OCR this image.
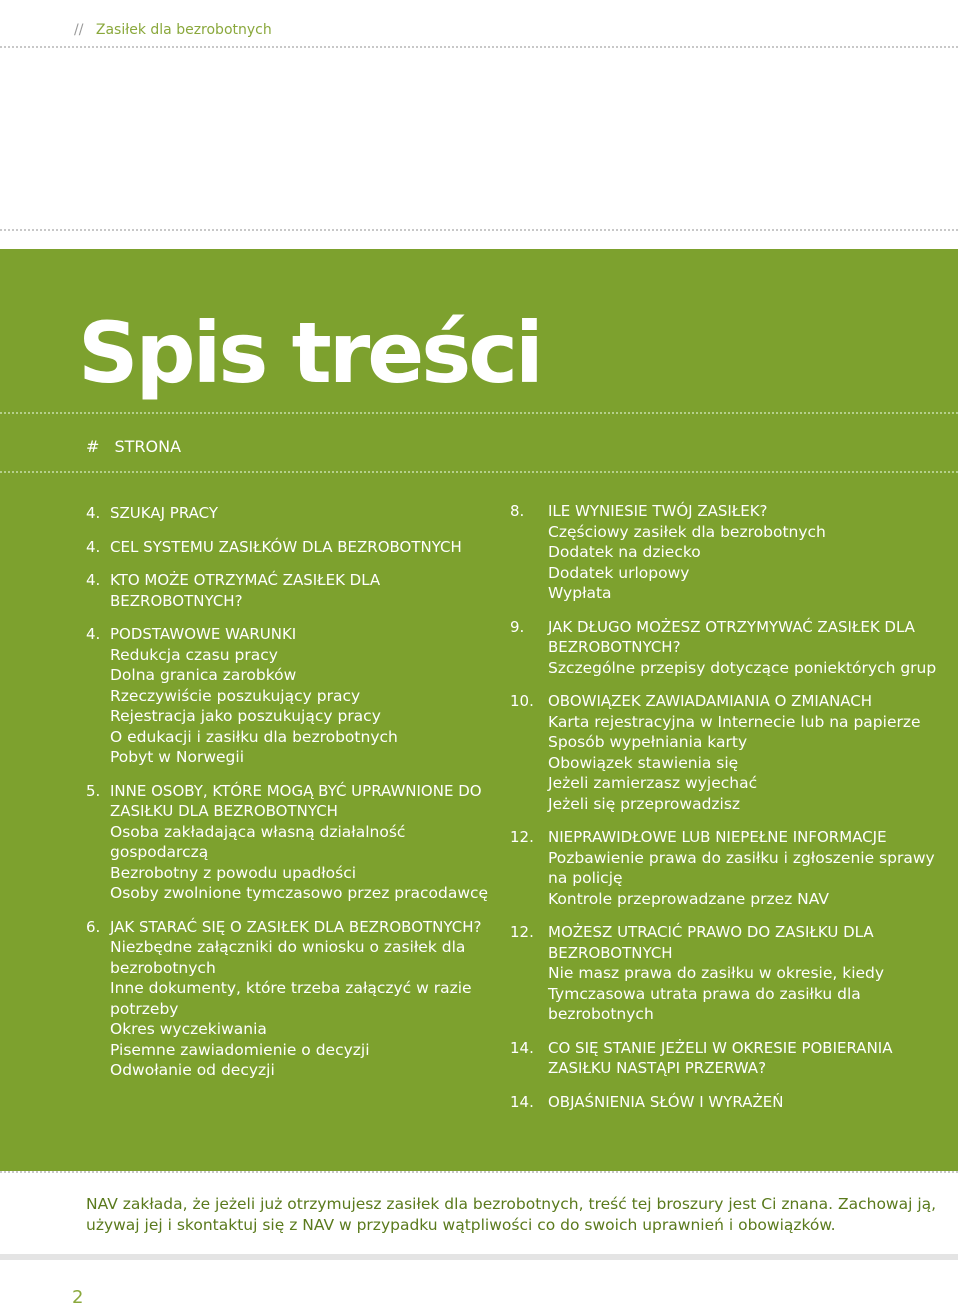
// Zasiłek dla bezrobotnych
Spis treści
# STRONA
4. SZUKAJ PRACY
4. CEL SYSTEMU ZASIŁKÓW DLA BEZROBOTNYCH
4. KTO MOŻE OTRZYMAĆ ZASIŁEK DLA BEZROBOTNYCH?
4. PODSTAWOWE WARUNKI
Redukcja czasu pracy
Dolna granica zarobków
Rzeczywiście poszukujący pracy
Rejestracja jako poszukujący pracy
O edukacji i zasiłku dla bezrobotnych
Pobyt w Norwegii
5. INNE OSOBY, KTÓRE MOGĄ BYĆ UPRAWNIONE DO ZASIŁKU DLA BEZROBOTNYCH
Osoba zakładająca własną działalność gospodarczą
Bezrobotny z powodu upadłości
Osoby zwolnione tymczasowo przez pracodawcę
6. JAK STARAĆ SIĘ O ZASIŁEK DLA BEZROBOTNYCH?
Niezbędne załączniki do wniosku o zasiłek dla bezrobotnych
Inne dokumenty, które trzeba załączyć w razie potrzeby
Okres wyczekiwania
Pisemne zawiadomienie o decyzji
Odwołanie od decyzji
8.	ILE WYNIESIE TWÓJ ZASIŁEK?
Częściowy zasiłek dla bezrobotnych
Dodatek na dziecko
Dodatek urlopowy
Wypłata
9.	JAK DŁUGO MOŻESZ OTRZYMYWAĆ ZASIŁEK DLA BEZROBOTNYCH?
Szczególne przepisy dotyczące poniektórych grup
10. OBOWIĄZEK ZAWIADAMIANIA O ZMIANACH
Karta rejestracyjna w Internecie lub na papierze
Sposób wypełniania karty
Obowiązek stawienia się
Jeżeli zamierzasz wyjechać
Jeżeli się przeprowadzisz
12. NIEPRAWIDŁOWE LUB NIEPEŁNE INFORMACJE
Pozbawienie prawa do zasiłku i zgłoszenie sprawy na policję
Kontrole przeprowadzane przez NAV
12. MOŻESZ UTRACIĆ PRAWO DO ZASIŁKU DLA BEZROBOTNYCH
Nie masz prawa do zasiłku w okresie, kiedy
Tymczasowa utrata prawa do zasiłku dla bezrobotnych
14. CO SIĘ STANIE JEŻELI W OKRESIE POBIERANIA ZASIŁKU NASTĄPI PRZERWA?
14. OBJAŚNIENIA SŁÓW I WYRAŻEŃ
NAV zakłada, że jeżeli już otrzymujesz zasiłek dla bezrobotnych, treść tej broszury jest Ci znana. Zachowaj ją, używaj jej i skontaktuj się z NAV w przypadku wątpliwości co do swoich uprawnień i obowiązków.
2
